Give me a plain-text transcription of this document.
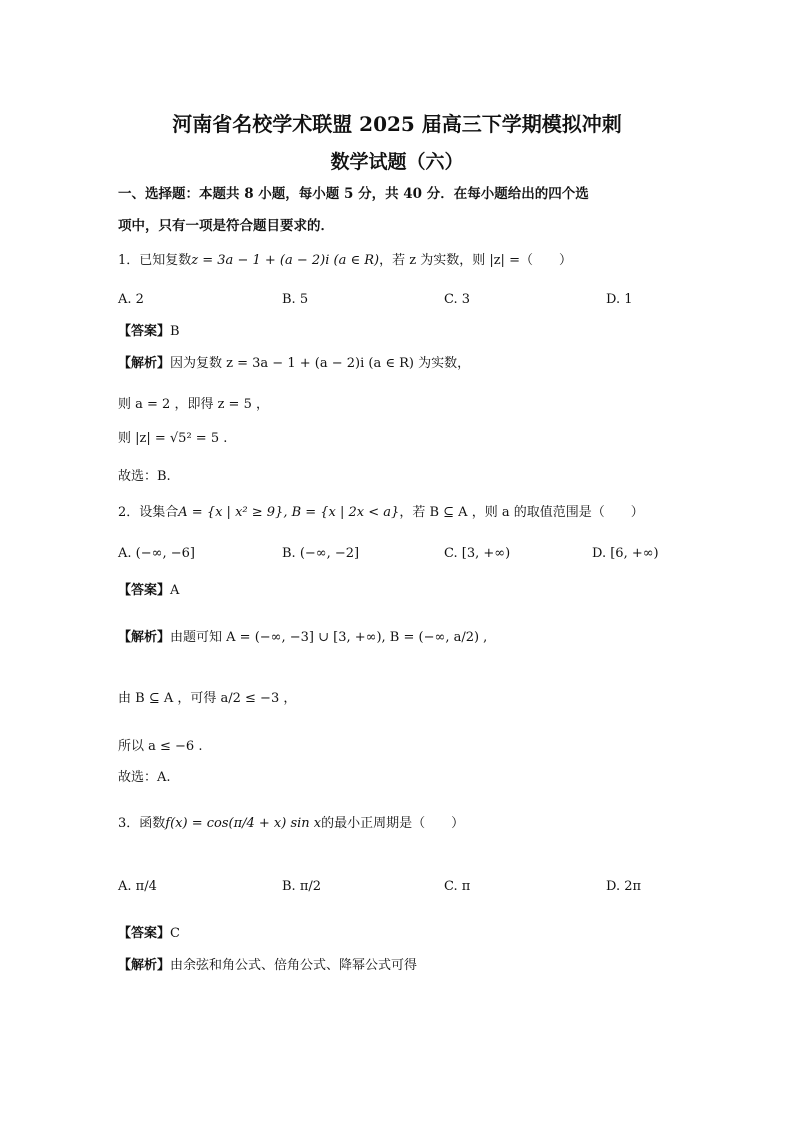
河南省名校学术联盟 2025 届高三下学期模拟冲刺
数学试题（六）
一、选择题：本题共 8 小题，每小题 5 分，共 40 分．在每小题给出的四个选
项中，只有一项是符合题目要求的．
1．已知复数z = 3a − 1 + (a − 2)i (a ∈ R)，若 z 为实数，则 |z| =（　　）
A. 2	B. 5	C. 3	D. 1
【答案】B
【解析】因为复数 z = 3a − 1 + (a − 2)i (a ∈ R) 为实数，
则 a = 2 ，即得 z = 5 ，
则 |z| = √5² = 5 .
故选：B.
2．设集合A = {x | x² ≥ 9}, B = {x | 2x < a}，若 B ⊆ A ，则 a 的取值范围是（　　）
A. (−∞, −6]	B. (−∞, −2]	C. [3, +∞)	D. [6, +∞)
【答案】A
【解析】由题可知 A = (−∞, −3] ∪ [3, +∞), B = (−∞, a/2) ,
由 B ⊆ A ，可得 a/2 ≤ −3 ，
所以 a ≤ −6 .
故选：A.
3．函数f(x) = cos(π/4 + x) sin x的最小正周期是（　　）
A. π/4	B. π/2	C. π	D. 2π
【答案】C
【解析】由余弦和角公式、倍角公式、降幂公式可得
